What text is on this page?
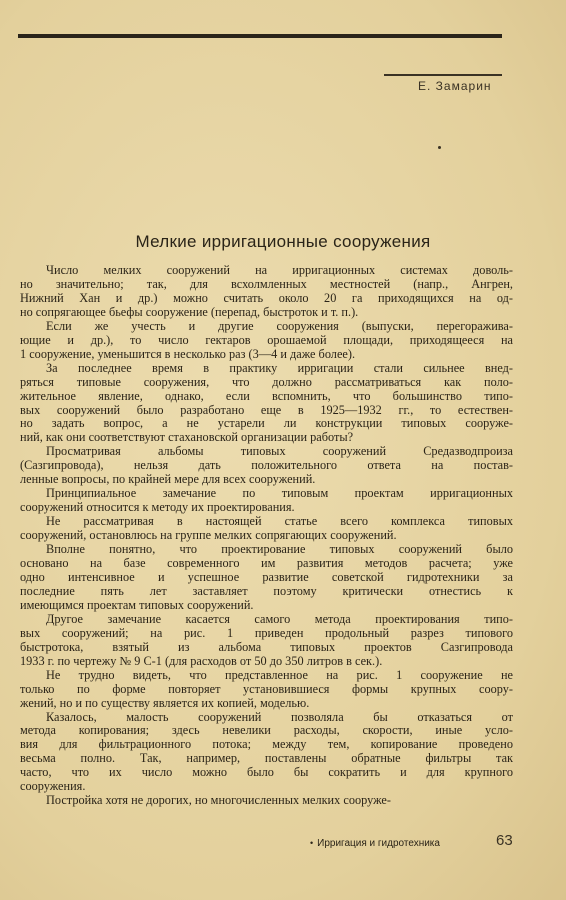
Е. Замарин
Мелкие ирригационные сооружения

Число мелких сооружений на ирригационных системах доволь-

но значительно; так, для всхолмленных местностей (напр., Ангрен,

Нижний Хан и др.) можно считать около 20 га приходящихся на од-

но сопрягающее бьефы сооружение (перепад, быстроток и т. п.).

Если же учесть и другие сооружения (выпуски, перегоражива-

ющие и др.), то число гектаров орошаемой площади, приходящееся на

1 сооружение, уменьшится в несколько раз (3—4 и даже более).

За последнее время в практику ирригации стали сильнее внед-

ряться типовые сооружения, что должно рассматриваться как поло-

жительное явление, однако, если вспомнить, что большинство типо-

вых сооружений было разработано еще в 1925—1932 гг., то естествен-

но задать вопрос, а не устарели ли конструкции типовых сооруже-

ний, как они соответствуют стахановской организации работы?

Просматривая альбомы типовых сооружений Средазводпроиза

(Сазгипровода), нельзя дать положительного ответа на постав-

ленные вопросы, по крайней мере для всех сооружений.

Принципиальное замечание по типовым проектам ирригационных

сооружений относится к методу их проектирования.

Не рассматривая в настоящей статье всего комплекса типовых

сооружений, остановлюсь на группе мелких сопрягающих сооружений.

Вполне понятно, что проектирование типовых сооружений было

основано на базе современного им развития методов расчета; уже

одно интенсивное и успешное развитие советской гидротехники за

последние пять лет заставляет поэтому критически отнестись к

имеющимся проектам типовых сооружений.

Другое замечание касается самого метода проектирования типо-

вых сооружений; на рис. 1 приведен продольный разрез типового

быстротока, взятый из альбома типовых проектов Сазгипровода

1933 г. по чертежу № 9 С-1 (для расходов от 50 до 350 литров в сек.).

Не трудно видеть, что представленное на рис. 1 сооружение не

только по форме повторяет установившиеся формы крупных соору-

жений, но и по существу является их копией, моделью.

Казалось, малость сооружений позволяла бы отказаться от

метода копирования; здесь невелики расходы, скорости, иные усло-

вия для фильтрационного потока; между тем, копирование проведено

весьма полно. Так, например, поставлены обратные фильтры так

часто, что их число можно было бы сократить и для крупного

сооружения.

Постройка хотя не дорогих, но многочисленных мелких сооруже-

• Ирригация и гидротехника	63
